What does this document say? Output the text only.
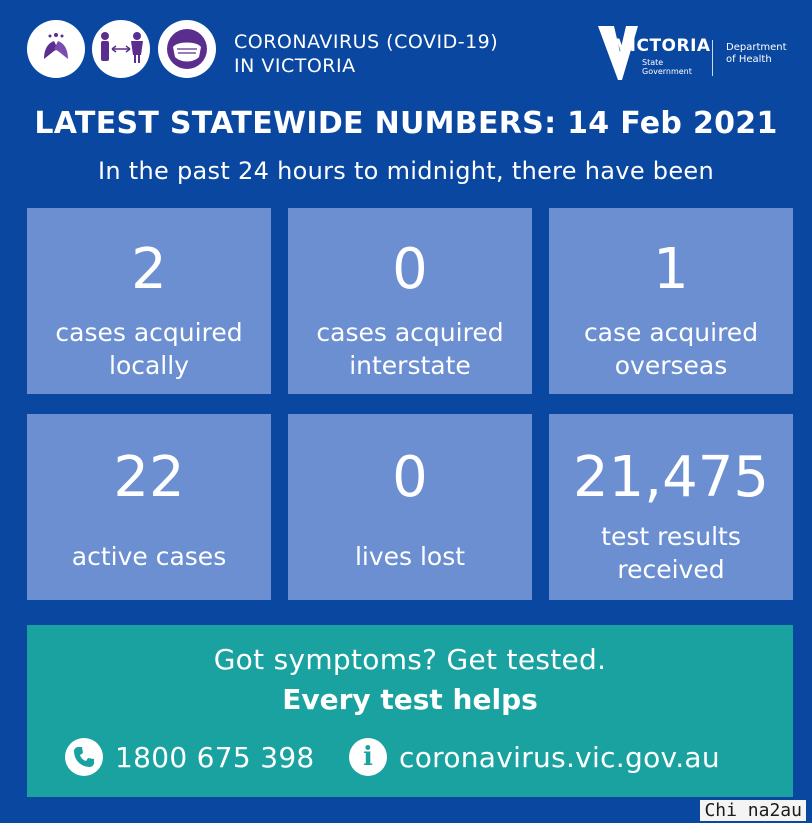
CORONAVIRUS (COVID-19)
IN VICTORIA
VICTORIA
State
Government
Department
of Health
LATEST STATEWIDE NUMBERS: 14 Feb 2021
In the past 24 hours to midnight, there have been
2
cases acquired
locally
0
cases acquired
interstate
1
case acquired
overseas
22
active cases
0
lives lost
21,475
test results
received
Got symptoms? Get tested.
Every test helps
1800 675 398	i coronavirus.vic.gov.au
Chi na2au
